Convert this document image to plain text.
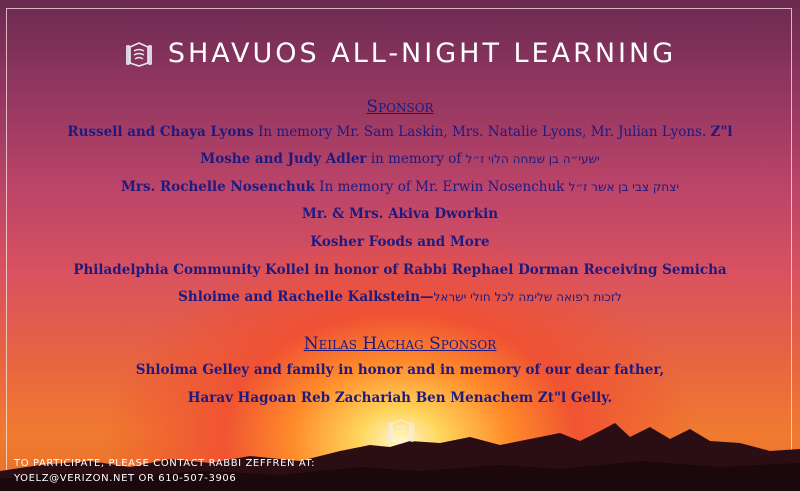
SHAVUOS ALL-NIGHT LEARNING
Sponsor
Russell and Chaya Lyons In memory Mr. Sam Laskin, Mrs. Natalie Lyons, Mr. Julian Lyons. Z"l
Moshe and Judy Adler in memory of ישעי״ה בן שמחה הלוי ז״ל
Mrs. Rochelle Nosenchuk In memory of Mr. Erwin Nosenchuk יצחק צבי בן אשר ז״ל
Mr. & Mrs. Akiva Dworkin
Kosher Foods and More
Philadelphia Community Kollel in honor of Rabbi Rephael Dorman Receiving Semicha
Shloime and Rachelle Kalkstein—לזכות רפואה שלימה לכל חולי ישראל
Neilas Hachag Sponsor
Shloima Gelley and family in honor and in memory of our dear father,
Harav Hagoan Reb Zachariah Ben Menachem Zt"l Gelly.
TO PARTICIPATE, PLEASE CONTACT RABBI ZEFFREN AT:
YOELZ@VERIZON.NET OR 610-507-3906
